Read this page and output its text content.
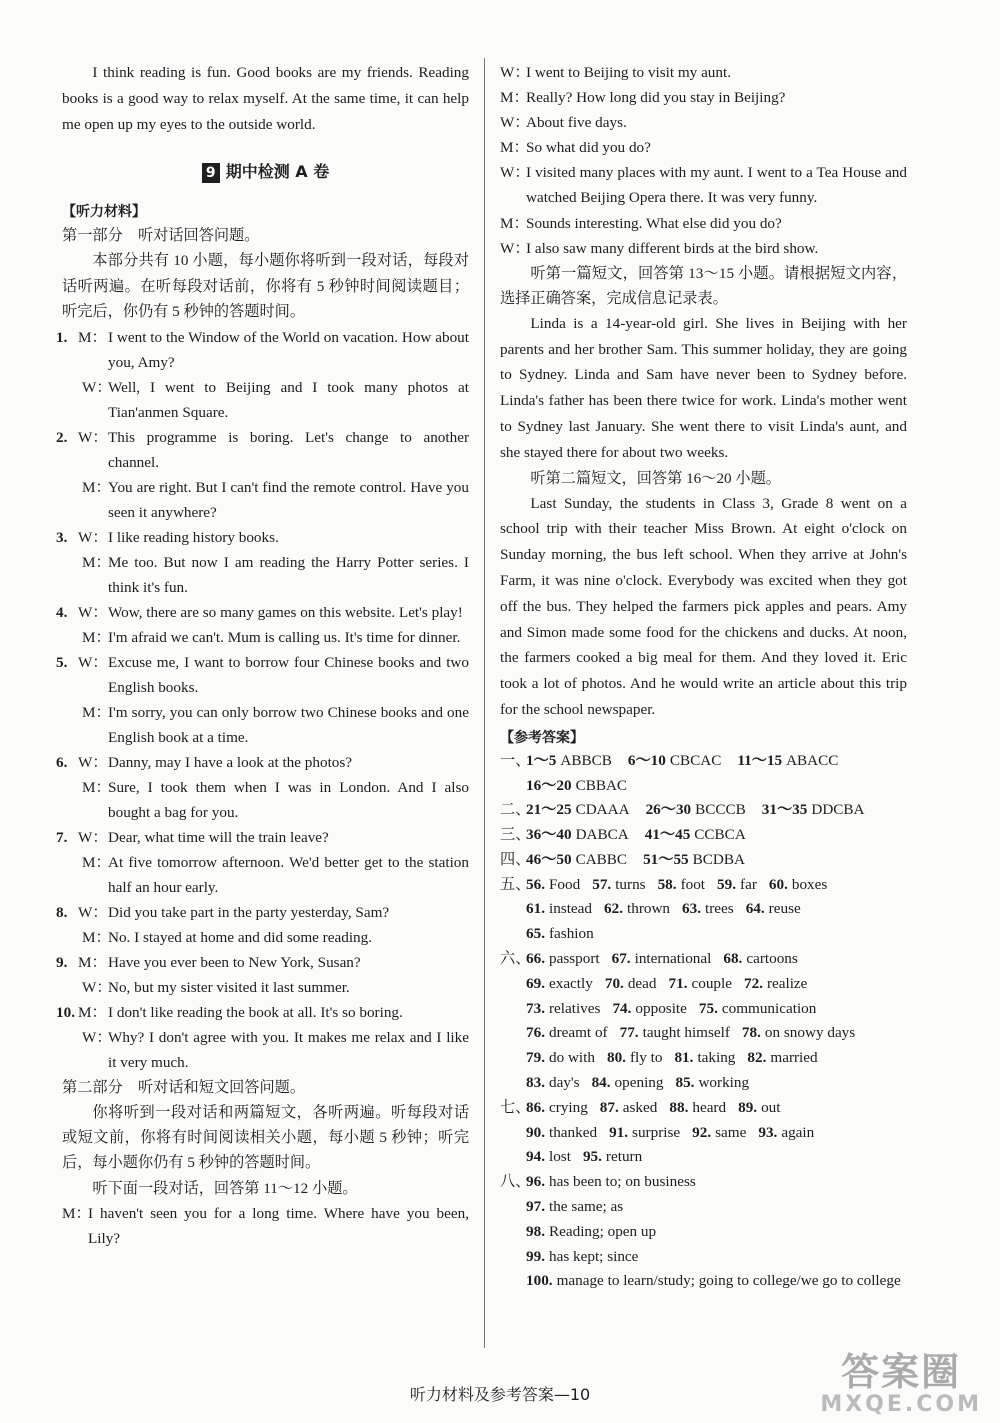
I think reading is fun. Good books are my friends. Reading books is a good way to relax myself. At the same time, it can help me open up my eyes to the outside world.

9 期中检测 A 卷
【听力材料】
第一部分　听对话回答问题。

本部分共有 10 小题，每小题你将听到一段对话，每段对话听两遍。在听每段对话前，你将有 5 秒钟时间阅读题目；听完后，你仍有 5 秒钟的答题时间。

1. M： I went to the Window of the World on vacation. How about you, Amy?
W：
Well, I went to Beijing and I took many photos at Tian'anmen Square.
2. W： This programme is boring. Let's change to another channel.
M：
You are right. But I can't find the remote control. Have you seen it anywhere?
3. W： I like reading history books.
M：
Me too. But now I am reading the Harry Potter series. I think it's fun.
4. W： Wow, there are so many games on this website. Let's play!
M：
I'm afraid we can't. Mum is calling us. It's time for dinner.
5. W： Excuse me, I want to borrow four Chinese books and two English books.
M：
I'm sorry, you can only borrow two Chinese books and one English book at a time.
6. W： Danny, may I have a look at the photos?
M：
Sure, I took them when I was in London. And I also bought a bag for you.
7. W： Dear, what time will the train leave?
M：
At five tomorrow afternoon. We'd better get to the station half an hour early.
8. W： Did you take part in the party yesterday, Sam?
M：
No. I stayed at home and did some reading.
9. M： Have you ever been to New York, Susan?
W：
No, but my sister visited it last summer.
10. M： I don't like reading the book at all. It's so boring.
W：
Why? I don't agree with you. It makes me relax and I like it very much.
第二部分　听对话和短文回答问题。

你将听到一段对话和两篇短文，各听两遍。听每段对话或短文前，你将有时间阅读相关小题，每小题 5 秒钟；听完后，每小题你仍有 5 秒钟的答题时间。

听下面一段对话，回答第 11～12 小题。

M：
I haven't seen you for a long time. Where have you been, Lily?
W：
I went to Beijing to visit my aunt.
M：
Really? How long did you stay in Beijing?
W：
About five days.
M：
So what did you do?
W：
I visited many places with my aunt. I went to a Tea House and watched Beijing Opera there. It was very funny.
M：
Sounds interesting. What else did you do?
W：
I also saw many different birds at the bird show.

听第一篇短文，回答第 13～15 小题。请根据短文内容，选择正确答案，完成信息记录表。

Linda is a 14-year-old girl. She lives in Beijing with her parents and her brother Sam. This summer holiday, they are going to Sydney. Linda and Sam have never been to Sydney before. Linda's father has been there twice for work. Linda's mother went to Sydney last January. She went there to visit Linda's aunt, and she stayed there for about two weeks.

听第二篇短文，回答第 16～20 小题。

Last Sunday, the students in Class 3, Grade 8 went on a school trip with their teacher Miss Brown. At eight o'clock on Sunday morning, the bus left school. When they arrive at John's Farm, it was nine o'clock. Everybody was excited when they got off the bus. They helped the farmers pick apples and pears. Amy and Simon made some food for the chickens and ducks. At noon, the farmers cooked a big meal for them. And they loved it. Eric took a lot of photos. And he would write an article about this trip for the school newspaper.

【参考答案】
一、
1～5 ABBCB 6～10 CBCAC 11～15 ABACC
16～20 CBBAC
二、
21～25 CDAAA 26～30 BCCCB 31～35 DDCBA
三、
36～40 DABCA 41～45 CCBCA
四、
46～50 CABBC 51～55 BCDBA
五、
56. Food 57. turns 58. foot 59. far 60. boxes
61. instead 62. thrown 63. trees 64. reuse
65. fashion
六、
66. passport 67. international 68. cartoons
69. exactly 70. dead 71. couple 72. realize
73. relatives 74. opposite 75. communication
76. dreamt of 77. taught himself 78. on snowy days
79. do with 80. fly to 81. taking 82. married
83. day's 84. opening 85. working
七、
86. crying 87. asked 88. heard 89. out
90. thanked 91. surprise 92. same 93. again
94. lost 95. return
八、
96. has been to; on business
97. the same; as
98. Reading; open up
99. has kept; since
100. manage to learn/study; going to college/we go to college
听力材料及参考答案—10
答案圈
MXQE.COM
